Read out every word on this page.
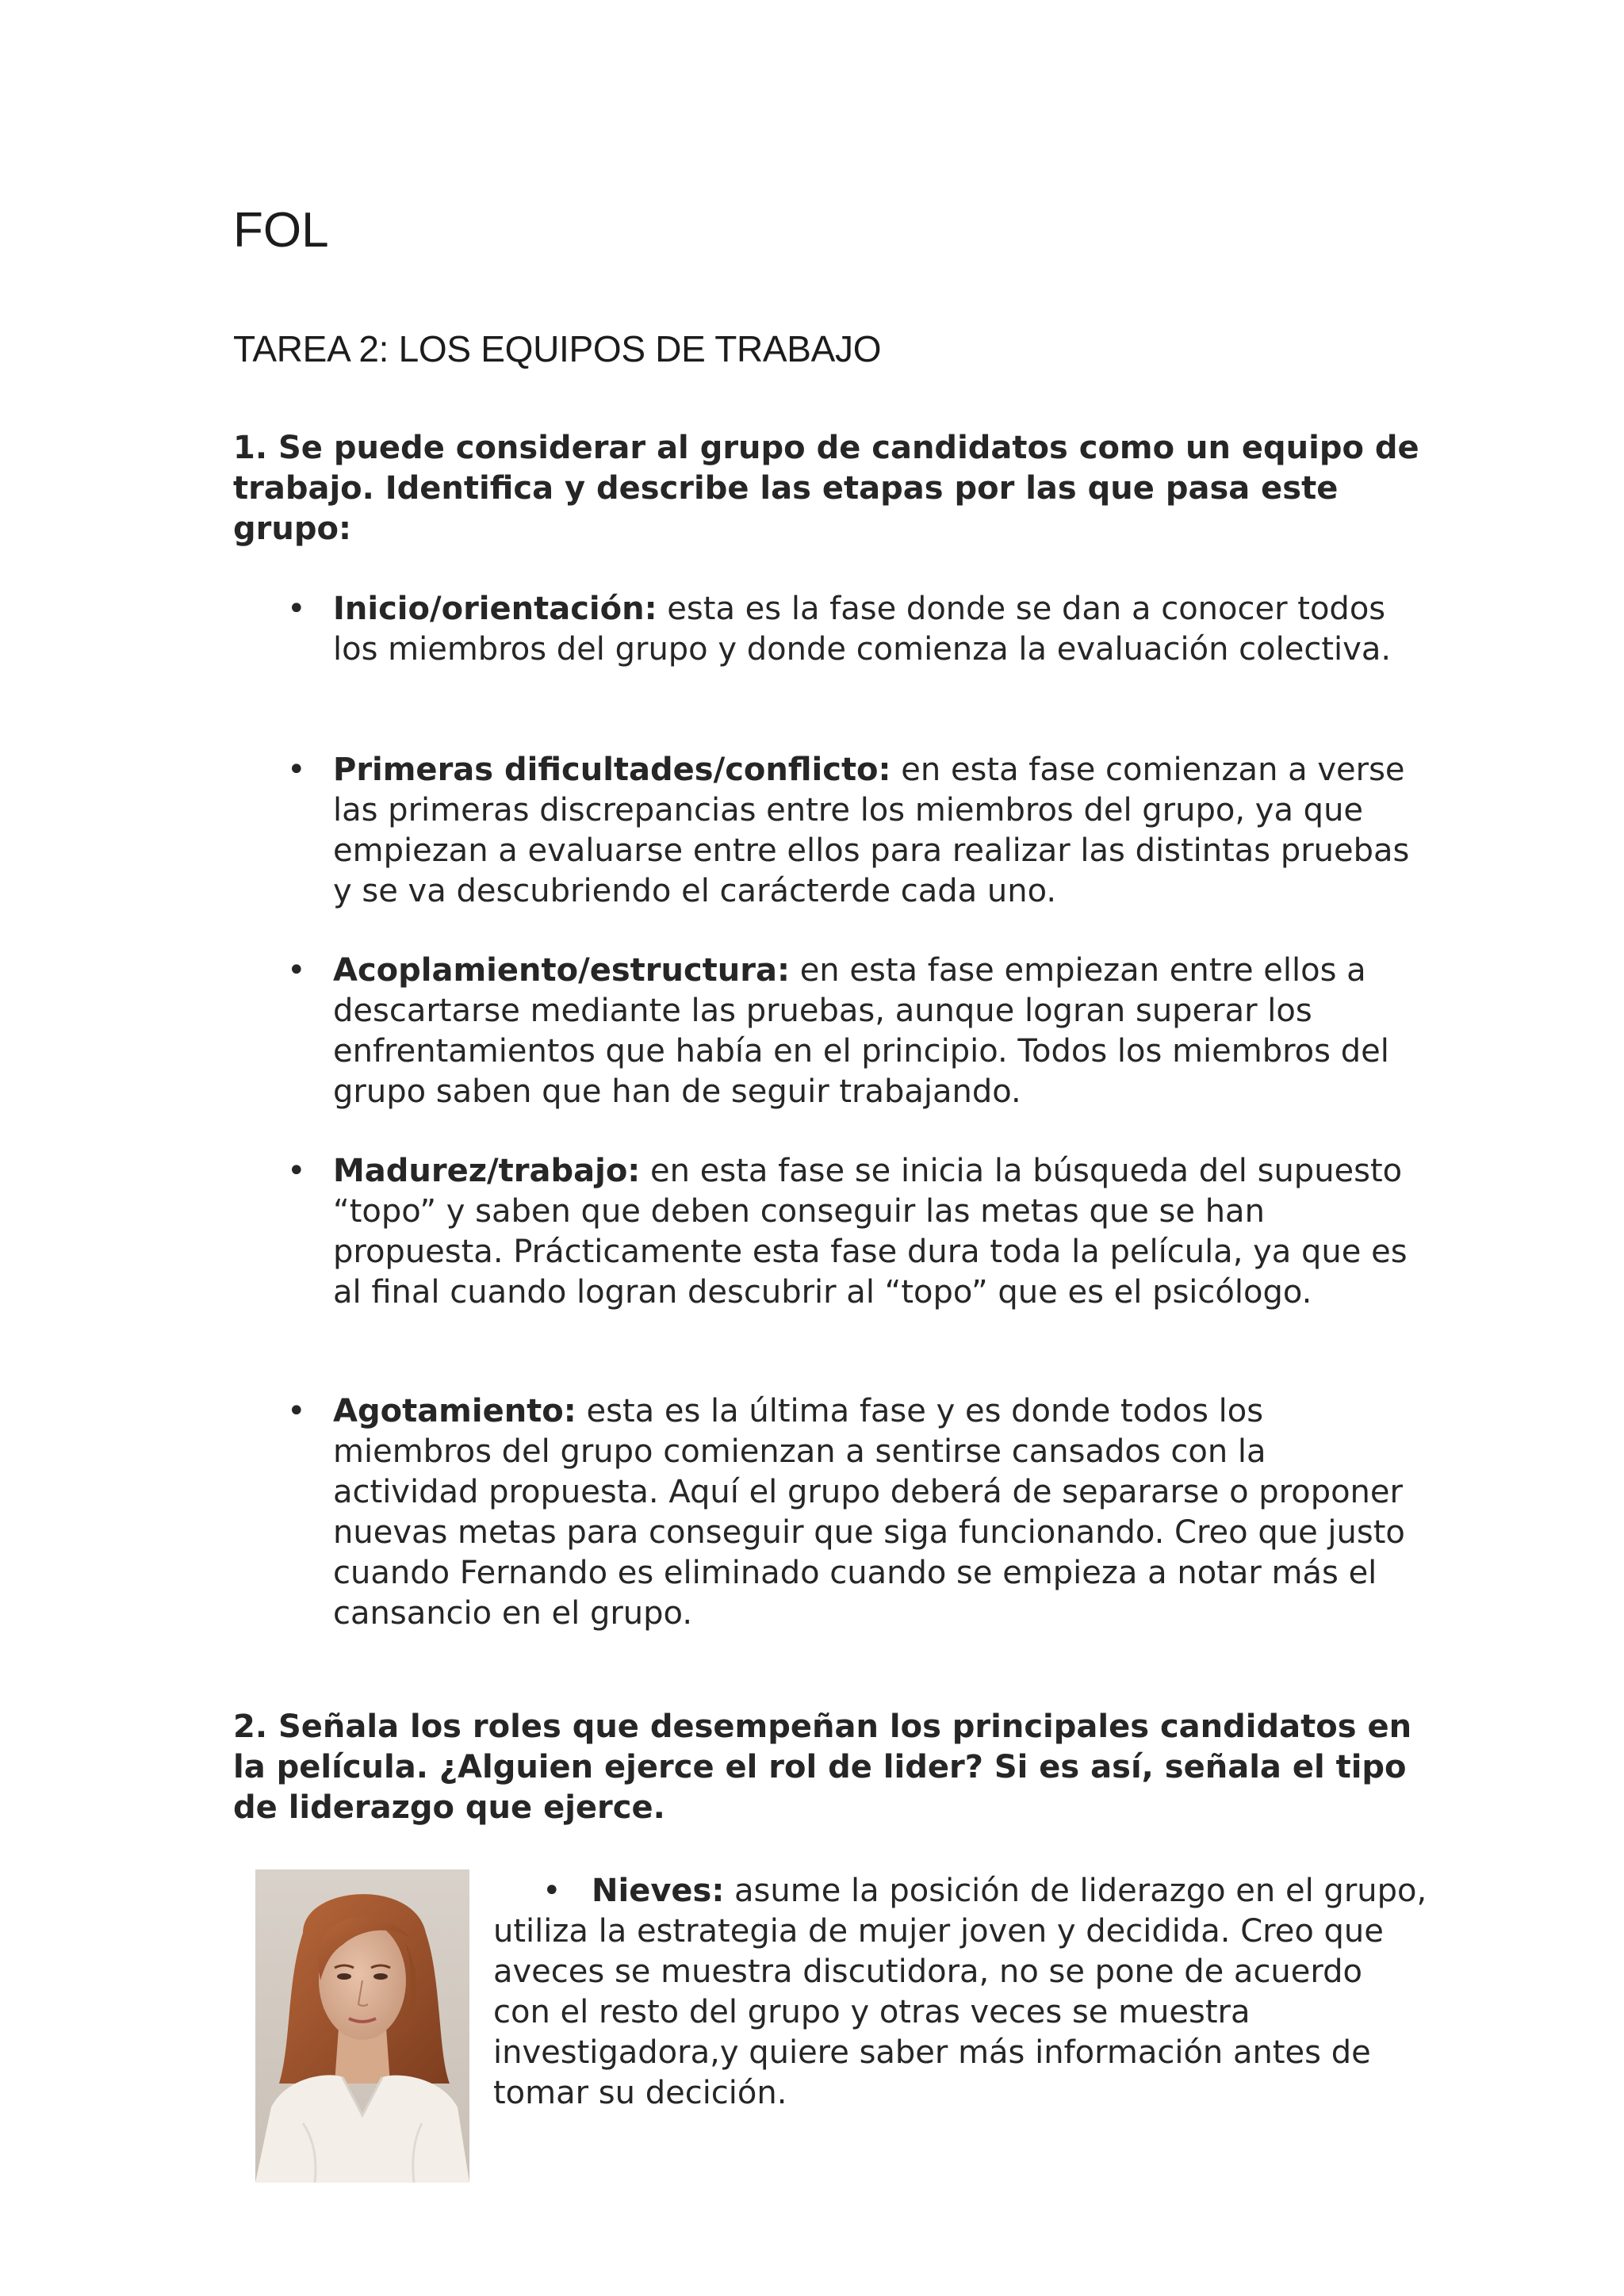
FOL
TAREA 2: LOS EQUIPOS DE TRABAJO

1. Se puede considerar al grupo de candidatos como un equipo de trabajo. Identifica y describe las etapas por las que pasa este grupo:

• Inicio/orientación: esta es la fase donde se dan a conocer todos los miembros del grupo y donde comienza la evaluación colectiva.
• Primeras dificultades/conflicto: en esta fase comienzan a verse las primeras discrepancias entre los miembros del grupo, ya que empiezan a evaluarse entre ellos para realizar las distintas pruebas y se va descubriendo el carácterde cada uno.
• Acoplamiento/estructura: en esta fase empiezan entre ellos a descartarse mediante las pruebas, aunque logran superar los enfrentamientos que había en el principio. Todos los miembros del grupo saben que han de seguir trabajando.
• Madurez/trabajo: en esta fase se inicia la búsqueda del supuesto “topo” y saben que deben conseguir las metas que se han propuesta. Prácticamente esta fase dura toda la película, ya que es al final cuando logran descubrir al “topo” que es el psicólogo.
• Agotamiento: esta es la última fase y es donde todos los miembros del grupo comienzan a sentirse cansados con la actividad propuesta. Aquí el grupo deberá de separarse o proponer nuevas metas para conseguir que siga funcionando. Creo que justo cuando Fernando es eliminado cuando se empieza a notar más el cansancio en el grupo.

2. Señala los roles que desempeñan los principales candidatos en la película. ¿Alguien ejerce el rol de lider? Si es así, señala el tipo de liderazgo que ejerce.

• Nieves: asume la posición de liderazgo en el grupo, utiliza la estrategia de mujer joven y decidida. Creo que aveces se muestra discutidora, no se pone de acuerdo con el resto del grupo y otras veces se muestra investigadora,y quiere saber más información antes de tomar su decición.
